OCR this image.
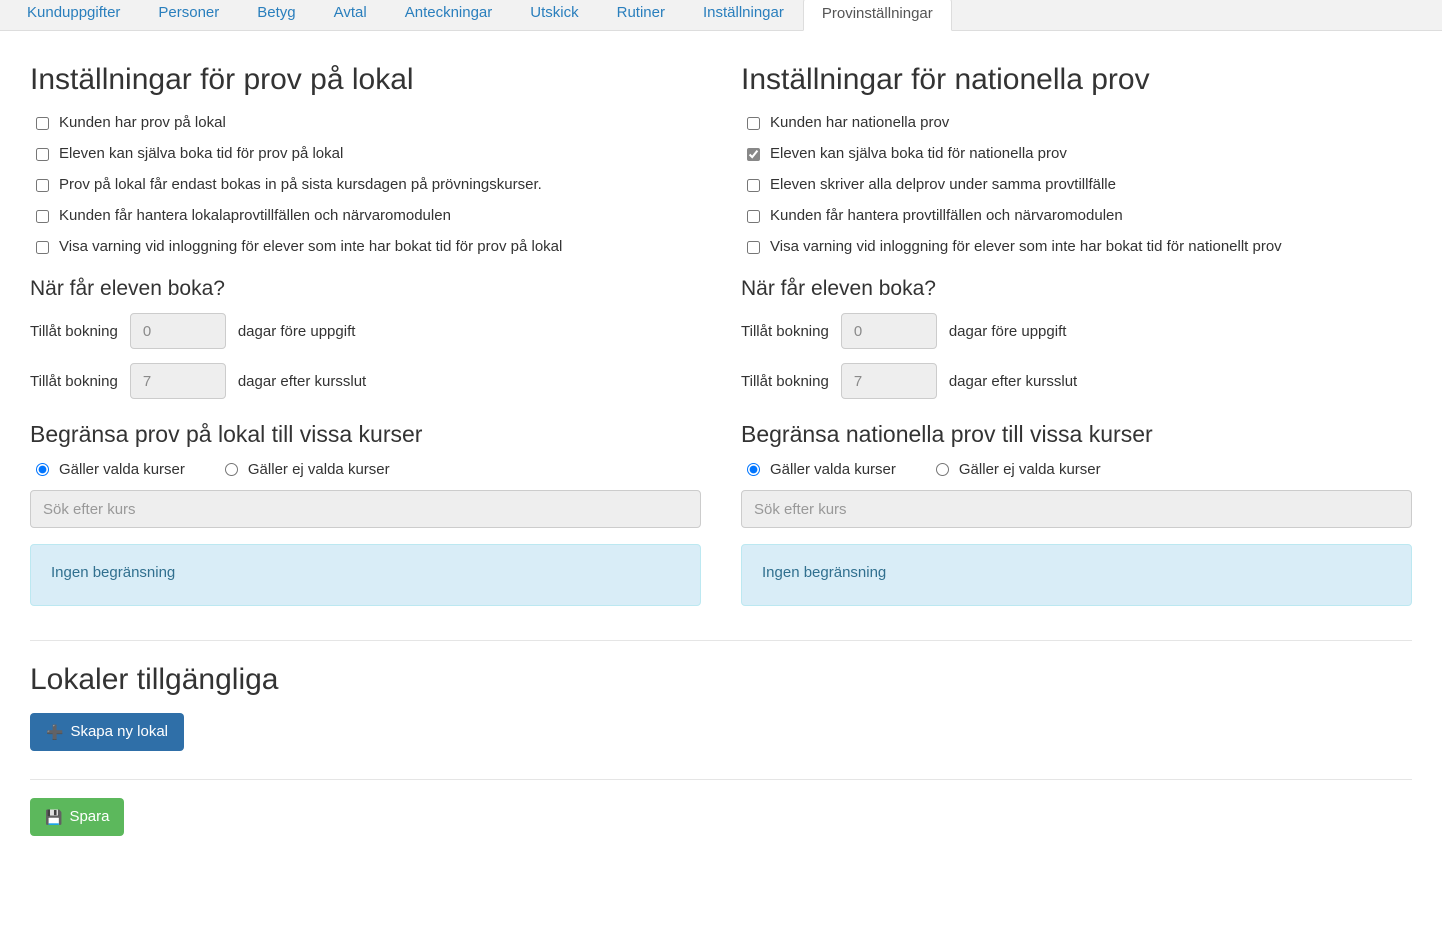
Kunduppgifter	Personer	Betyg	Avtal	Anteckningar	Utskick	Rutiner	Inställningar	Provinställningar
Inställningar för prov på lokal
Kunden har prov på lokal
Eleven kan själva boka tid för prov på lokal
Prov på lokal får endast bokas in på sista kursdagen på prövningskurser.
Kunden får hantera lokalaprovtillfällen och närvaromodulen
Visa varning vid inloggning för elever som inte har bokat tid för prov på lokal
När får eleven boka?
Tillåt bokning
0	dagar före uppgift
Tillåt bokning
7	dagar efter kursslut
Begränsa prov på lokal till vissa kurser
Gäller valda kurser	Gäller ej valda kurser
Sök efter kurs
Ingen begränsning
Inställningar för nationella prov
Kunden har nationella prov
Eleven kan själva boka tid för nationella prov
Eleven skriver alla delprov under samma provtillfälle
Kunden får hantera provtillfällen och närvaromodulen
Visa varning vid inloggning för elever som inte har bokat tid för nationellt prov
När får eleven boka?
Tillåt bokning
0	dagar före uppgift
Tillåt bokning
7	dagar efter kursslut
Begränsa nationella prov till vissa kurser
Gäller valda kurser	Gäller ej valda kurser
Sök efter kurs
Ingen begränsning
Lokaler tillgängliga
➕ Skapa ny lokal
💾 Spara
